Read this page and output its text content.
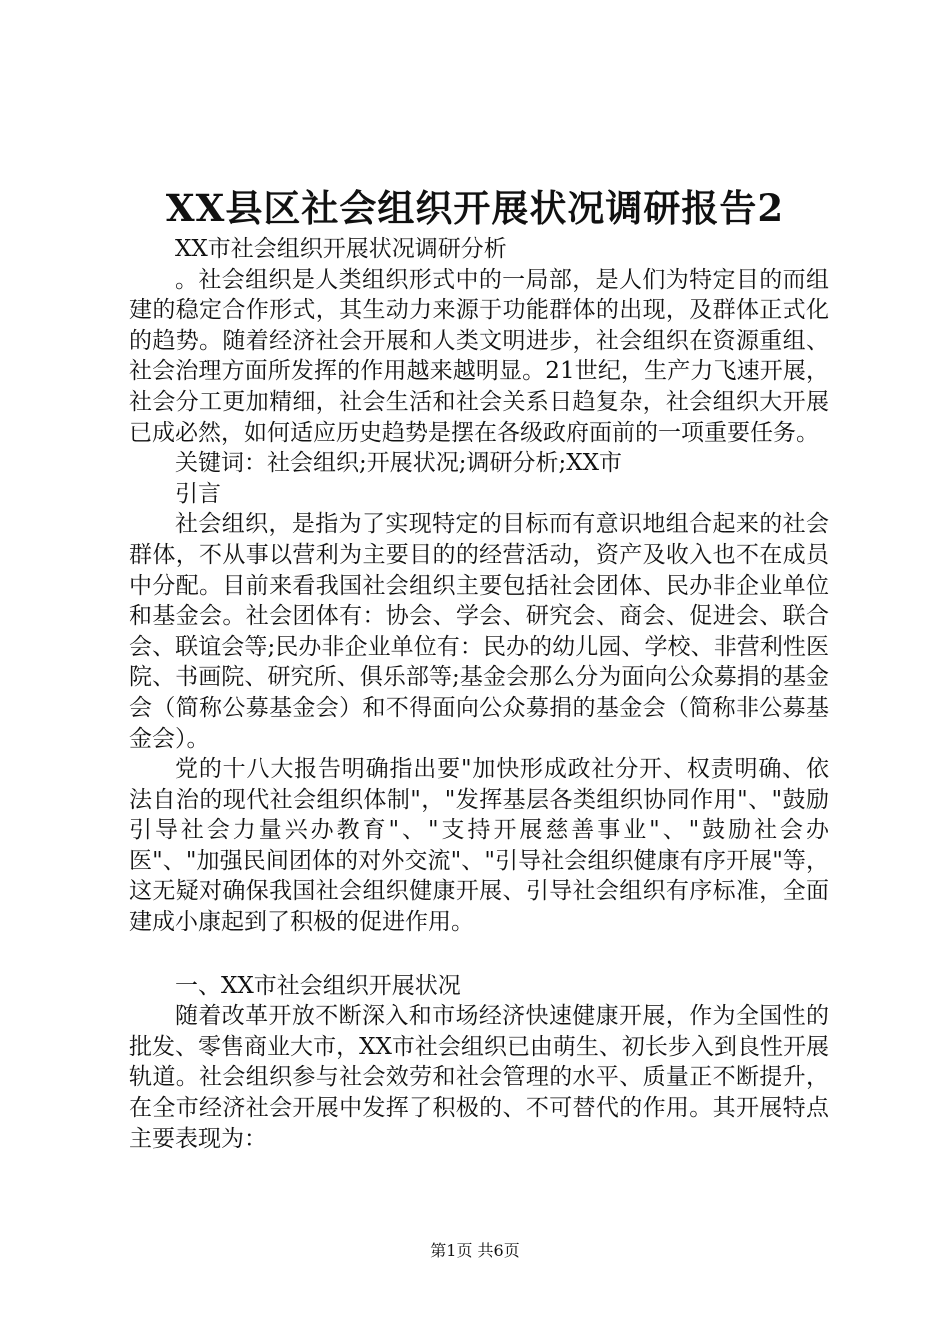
XX县区社会组织开展状况调研报告2

XX市社会组织开展状况调研分析

。社会组织是人类组织形式中的一局部，是人们为特定目的而组建的稳定合作形式，其生动力来源于功能群体的出现，及群体正式化的趋势。随着经济社会开展和人类文明进步，社会组织在资源重组、社会治理方面所发挥的作用越来越明显。21世纪，生产力飞速开展，社会分工更加精细，社会生活和社会关系日趋复杂，社会组织大开展已成必然，如何适应历史趋势是摆在各级政府面前的一项重要任务。

关键词：社会组织;开展状况;调研分析;XX市

引言

社会组织，是指为了实现特定的目标而有意识地组合起来的社会群体，不从事以营利为主要目的的经营活动，资产及收入也不在成员中分配。目前来看我国社会组织主要包括社会团体、民办非企业单位和基金会。社会团体有：协会、学会、研究会、商会、促进会、联合会、联谊会等;民办非企业单位有：民办的幼儿园、学校、非营利性医院、书画院、研究所、俱乐部等;基金会那么分为面向公众募捐的基金会（简称公募基金会）和不得面向公众募捐的基金会（简称非公募基金会）。

党的十八大报告明确指出要"加快形成政社分开、权责明确、依法自治的现代社会组织体制"，"发挥基层各类组织协同作用"、"鼓励引导社会力量兴办教育"、"支持开展慈善事业"、"鼓励社会办医"、"加强民间团体的对外交流"、"引导社会组织健康有序开展"等，这无疑对确保我国社会组织健康开展、引导社会组织有序标准，全面建成小康起到了积极的促进作用。

一、XX市社会组织开展状况

随着改革开放不断深入和市场经济快速健康开展，作为全国性的批发、零售商业大市，XX市社会组织已由萌生、初长步入到良性开展轨道。社会组织参与社会效劳和社会管理的水平、质量正不断提升，在全市经济社会开展中发挥了积极的、不可替代的作用。其开展特点主要表现为：

第1页 共6页
